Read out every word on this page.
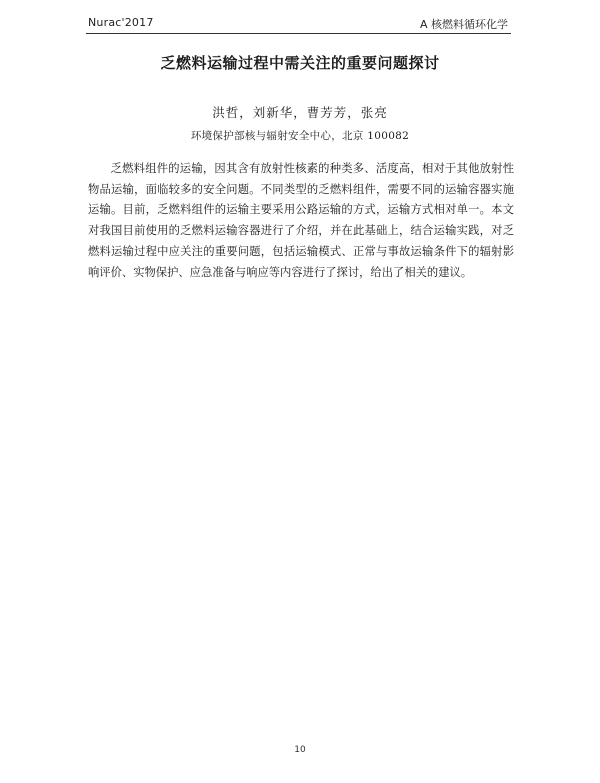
Nurac'2017	A 核燃料循环化学
乏燃料运输过程中需关注的重要问题探讨
洪哲，刘新华，曹芳芳，张亮
环境保护部核与辐射安全中心，北京 100082

乏燃料组件的运输，因其含有放射性核素的种类多、活度高，相对于其他放射性物品运输，面临较多的安全问题。不同类型的乏燃料组件，需要不同的运输容器实施运输。目前，乏燃料组件的运输主要采用公路运输的方式，运输方式相对单一。本文对我国目前使用的乏燃料运输容器进行了介绍，并在此基础上，结合运输实践，对乏燃料运输过程中应关注的重要问题，包括运输模式、正常与事故运输条件下的辐射影响评价、实物保护、应急准备与响应等内容进行了探讨，给出了相关的建议。

10
